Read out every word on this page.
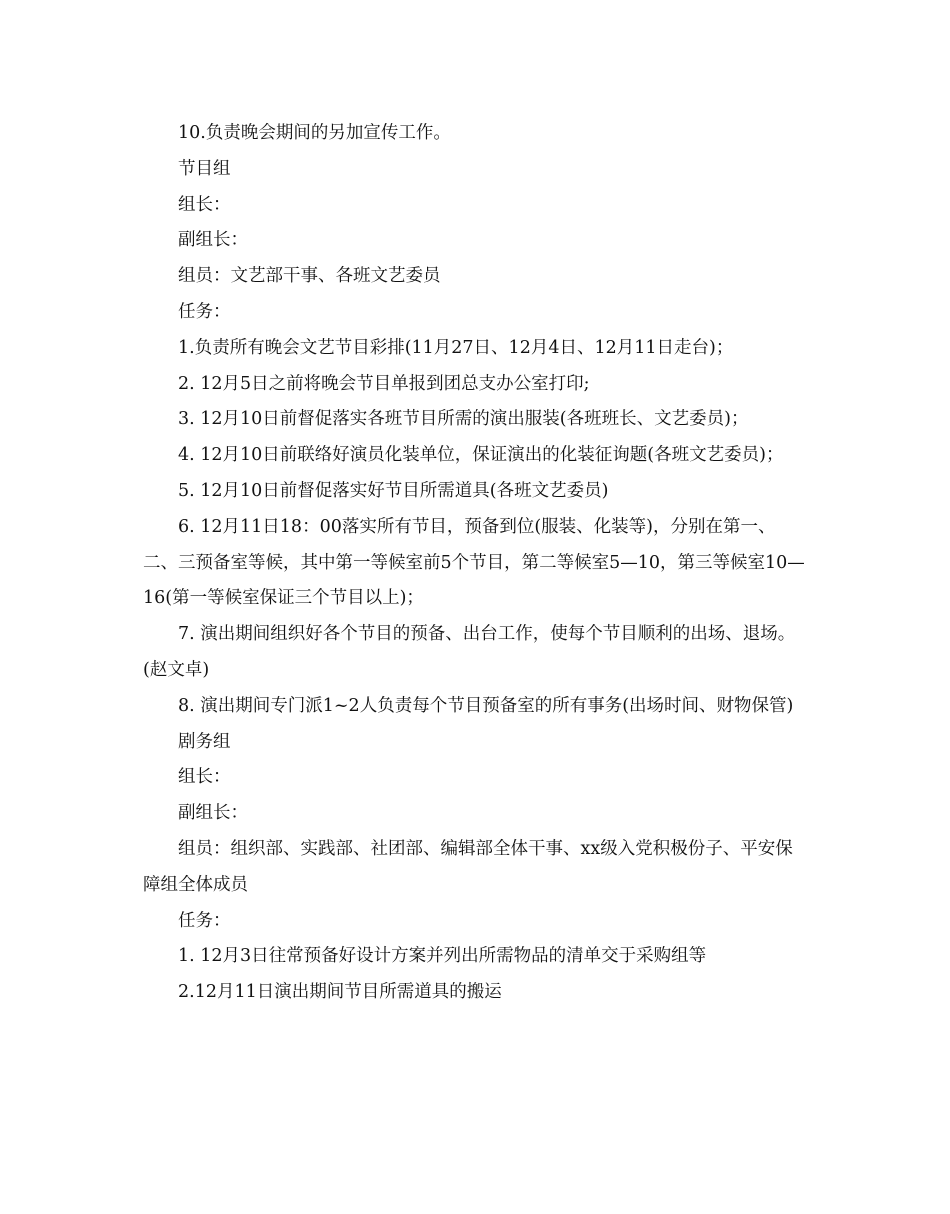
10.负责晚会期间的另加宣传工作。

节目组

组长：

副组长：

组员：文艺部干事、各班文艺委员

任务：

1.负责所有晚会文艺节目彩排(11月27日、12月4日、12月11日走台)；

2. 12月5日之前将晚会节目单报到团总支办公室打印;

3. 12月10日前督促落实各班节目所需的演出服装(各班班长、文艺委员)；

4. 12月10日前联络好演员化装单位，保证演出的化装征询题(各班文艺委员)；

5. 12月10日前督促落实好节目所需道具(各班文艺委员)

6. 12月11日18：00落实所有节目，预备到位(服装、化装等)，分别在第一、二、三预备室等候，其中第一等候室前5个节目，第二等候室5—10，第三等候室10—16(第一等候室保证三个节目以上)；

7. 演出期间组织好各个节目的预备、出台工作，使每个节目顺利的出场、退场。(赵文卓)

8. 演出期间专门派1~2人负责每个节目预备室的所有事务(出场时间、财物保管)

剧务组

组长：

副组长：

组员：组织部、实践部、社团部、编辑部全体干事、xx级入党积极份子、平安保障组全体成员

任务：

1. 12月3日往常预备好设计方案并列出所需物品的清单交于采购组等

2.12月11日演出期间节目所需道具的搬运
